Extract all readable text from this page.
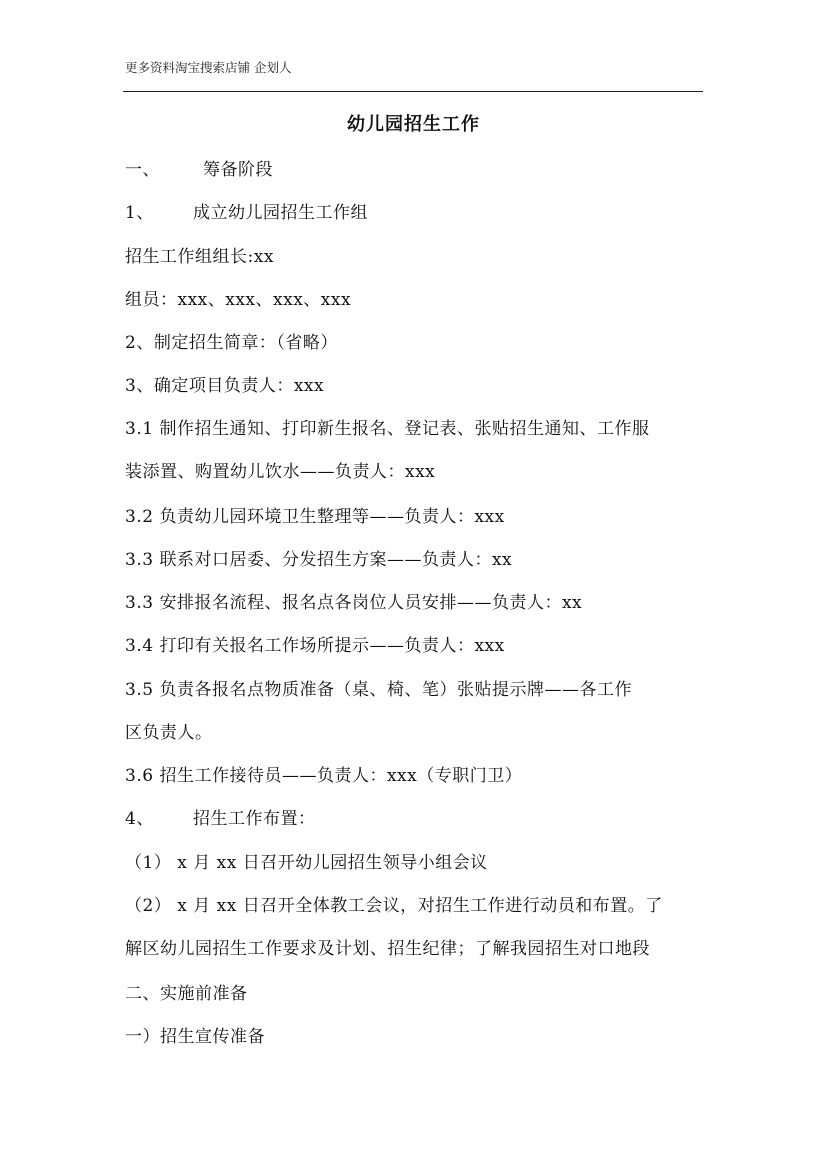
更多资料淘宝搜索店铺 企划人
幼儿园招生工作
一、	筹备阶段
1、 成立幼儿园招生工作组
招生工作组组长:xx
组员：xxx、xxx、xxx、xxx
2、制定招生简章：（省略）
3、确定项目负责人：xxx
3.1 制作招生通知、打印新生报名、登记表、张贴招生通知、工作服
装添置、购置幼儿饮水——负责人：xxx
3.2 负责幼儿园环境卫生整理等——负责人：xxx
3.3 联系对口居委、分发招生方案——负责人：xx
3.3 安排报名流程、报名点各岗位人员安排——负责人：xx
3.4 打印有关报名工作场所提示——负责人：xxx
3.5 负责各报名点物质准备（桌、椅、笔）张贴提示牌——各工作
区负责人。
3.6 招生工作接待员——负责人：xxx（专职门卫）
4、 招生工作布置：
（1） x 月 xx 日召开幼儿园招生领导小组会议
（2） x 月 xx 日召开全体教工会议，对招生工作进行动员和布置。了
解区幼儿园招生工作要求及计划、招生纪律；了解我园招生对口地段
二、实施前准备
一）招生宣传准备
